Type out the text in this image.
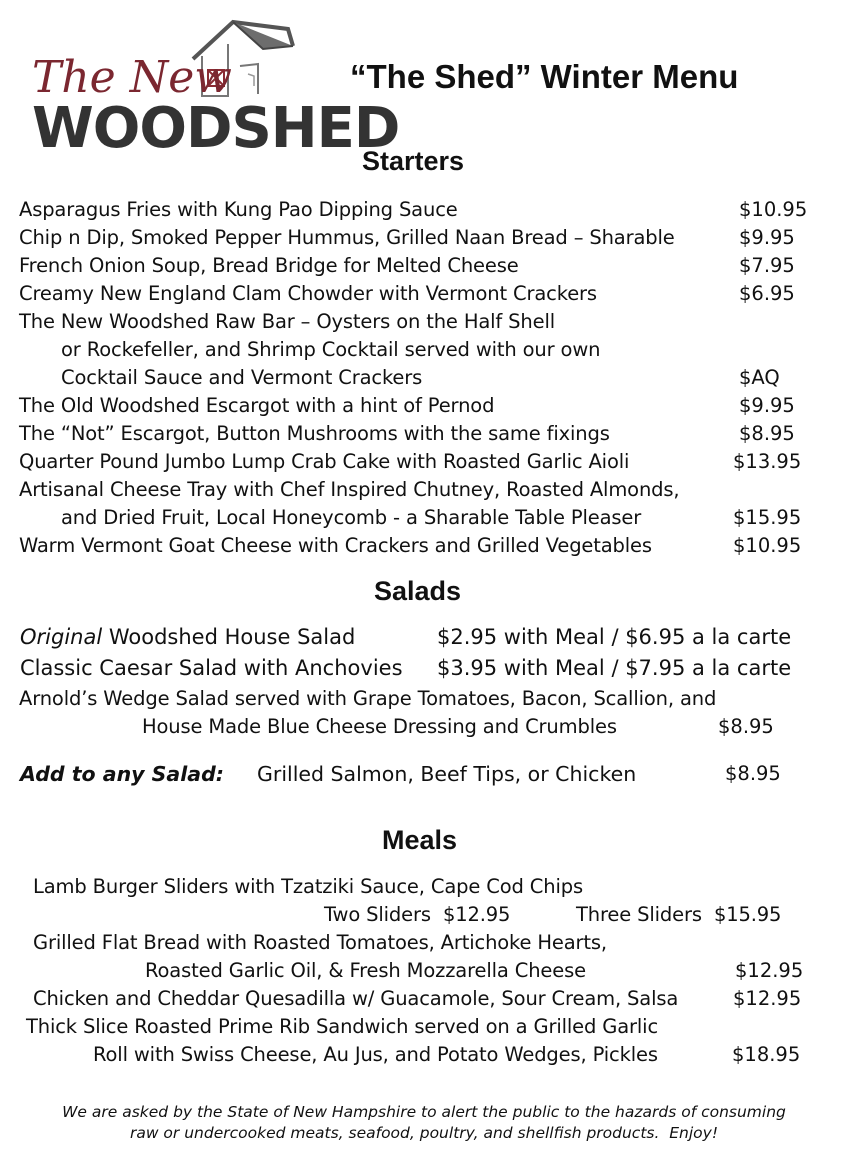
The New
WOODSHED
“The Shed” Winter Menu
Starters
Asparagus Fries with Kung Pao Dipping Sauce	$10.95
Chip n Dip, Smoked Pepper Hummus, Grilled Naan Bread – Sharable	$9.95
French Onion Soup, Bread Bridge for Melted Cheese	$7.95
Creamy New England Clam Chowder with Vermont Crackers	$6.95
The New Woodshed Raw Bar – Oysters on the Half Shell
or Rockefeller, and Shrimp Cocktail served with our own
Cocktail Sauce and Vermont Crackers	$AQ
The Old Woodshed Escargot with a hint of Pernod	$9.95
The “Not” Escargot, Button Mushrooms with the same fixings	$8.95
Quarter Pound Jumbo Lump Crab Cake with Roasted Garlic Aioli	$13.95
Artisanal Cheese Tray with Chef Inspired Chutney, Roasted Almonds,
and Dried Fruit, Local Honeycomb - a Sharable Table Pleaser	$15.95
Warm Vermont Goat Cheese with Crackers and Grilled Vegetables	$10.95
Salads
Original Woodshed House Salad	$2.95 with Meal / $6.95 a la carte
Classic Caesar Salad with Anchovies $3.95 with Meal / $7.95 a la carte
Arnold’s Wedge Salad served with Grape Tomatoes, Bacon, Scallion, and
House Made Blue Cheese Dressing and Crumbles	$8.95
Add to any Salad: Grilled Salmon, Beef Tips, or Chicken	$8.95
Meals
Lamb Burger Sliders with Tzatziki Sauce, Cape Cod Chips
Two Sliders  $12.95	Three Sliders  $15.95
Grilled Flat Bread with Roasted Tomatoes, Artichoke Hearts,
Roasted Garlic Oil, & Fresh Mozzarella Cheese	$12.95
Chicken and Cheddar Quesadilla w/ Guacamole, Sour Cream, Salsa	$12.95
Thick Slice Roasted Prime Rib Sandwich served on a Grilled Garlic
Roll with Swiss Cheese, Au Jus, and Potato Wedges, Pickles	$18.95
We are asked by the State of New Hampshire to alert the public to the hazards of consuming
raw or undercooked meats, seafood, poultry, and shellfish products.  Enjoy!
